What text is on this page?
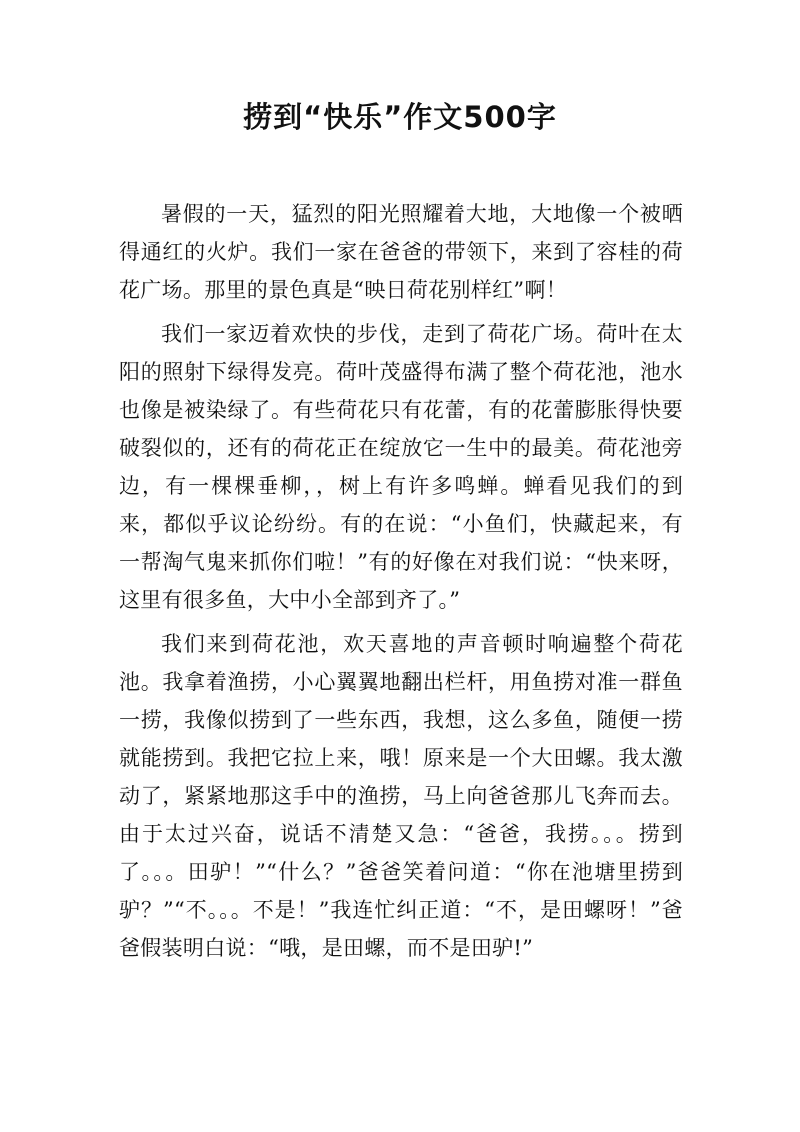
捞到“快乐”作文500字

暑假的一天，猛烈的阳光照耀着大地，大地像一个被晒得通红的火炉。我们一家在爸爸的带领下，来到了容桂的荷花广场。那里的景色真是“映日荷花别样红”啊！

我们一家迈着欢快的步伐，走到了荷花广场。荷叶在太阳的照射下绿得发亮。荷叶茂盛得布满了整个荷花池，池水也像是被染绿了。有些荷花只有花蕾，有的花蕾膨胀得快要破裂似的，还有的荷花正在绽放它一生中的最美。荷花池旁边，有一棵棵垂柳，，树上有许多鸣蝉。蝉看见我们的到来，都似乎议论纷纷。有的在说：“小鱼们，快藏起来，有一帮淘气鬼来抓你们啦！”有的好像在对我们说：“快来呀，这里有很多鱼，大中小全部到齐了。”

我们来到荷花池，欢天喜地的声音顿时响遍整个荷花池。我拿着渔捞，小心翼翼地翻出栏杆，用鱼捞对准一群鱼一捞，我像似捞到了一些东西，我想，这么多鱼，随便一捞就能捞到。我把它拉上来，哦！原来是一个大田螺。我太激动了，紧紧地那这手中的渔捞，马上向爸爸那儿飞奔而去。由于太过兴奋，说话不清楚又急：“爸爸，我捞。。。捞到了。。。田驴！”“什么？”爸爸笑着问道：“你在池塘里捞到驴？”“不。。。不是！”我连忙纠正道：“不，是田螺呀！”爸爸假装明白说：“哦，是田螺，而不是田驴!”
